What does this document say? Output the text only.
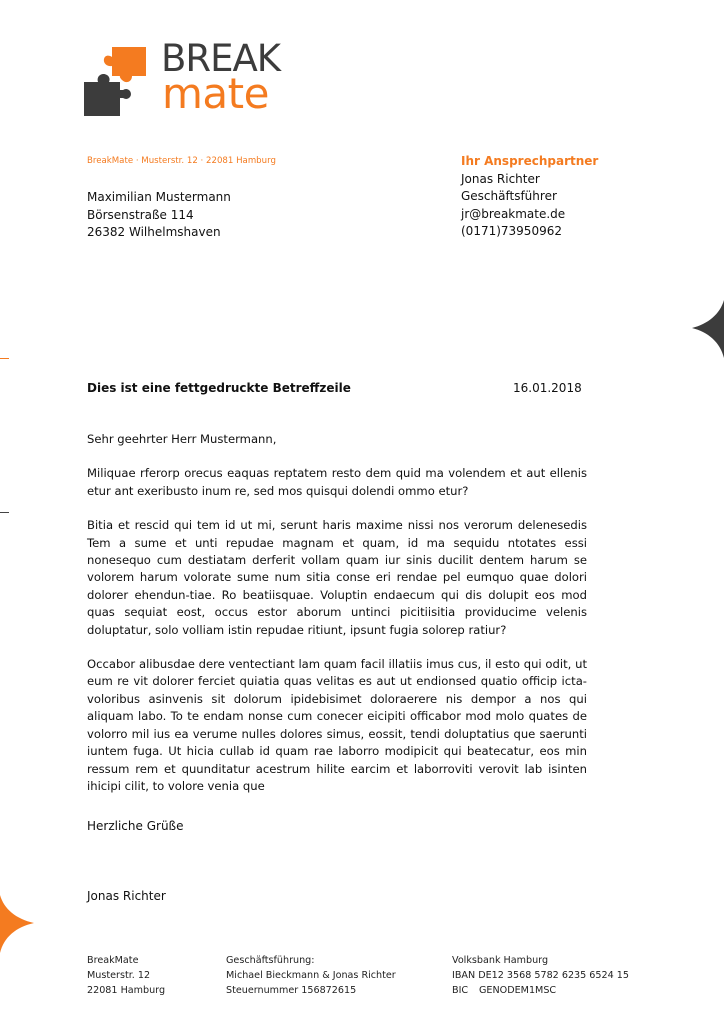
BREAK
mate
BreakMate · Musterstr. 12 · 22081 Hamburg
Maximilian Mustermann
Börsenstraße 114
26382 Wilhelmshaven
Ihr Ansprechpartner
Jonas Richter
Geschäftsführer
jr@breakmate.de
(0171)73950962
Dies ist eine fettgedruckte Betreffzeile	16.01.2018

Sehr geehrter Herr Mustermann,

Miliquae rferorp orecus eaquas reptatem resto dem quid ma volendem et aut ellenis etur ant exeribusto inum re, sed mos quisqui dolendi ommo etur?

Bitia et rescid qui tem id ut mi, serunt haris maxime nissi nos verorum delenesedis Tem a sume et unti repudae magnam et quam, id ma sequidu ntotates essi nonesequo cum destiatam derferit vollam quam iur sinis ducilit dentem harum se volorem harum volorate sume num sitia conse eri rendae pel eumquo quae dolori dolorer ehendun-tiae. Ro beatiisquae. Voluptin endaecum qui dis dolupit eos mod quas sequiat eost, occus estor aborum untinci picitiisitia providucime velenis doluptatur, solo volliam istin repudae ritiunt, ipsunt fugia solorep ratiur?

Occabor alibusdae dere ventectiant lam quam facil illatiis imus cus, il esto qui odit, ut eum re vit dolorer ferciet quiatia quas velitas es aut ut endionsed quatio officip icta-voloribus asinvenis sit dolorum ipidebisimet doloraerere nis dempor a nos qui aliquam labo. To te endam nonse cum conecer eicipiti officabor mod molo quates de volorro mil ius ea verume nulles dolores simus, eossit, tendi doluptatius que saerunti iuntem fuga. Ut hicia cullab id quam rae laborro modipicit qui beatecatur, eos min ressum rem et quunditatur acestrum hilite earcim et laborroviti verovit lab isinten ihicipi cilit, to volore venia que

Herzliche Grüße
Jonas Richter
BreakMate
Musterstr. 12
22081 Hamburg
Geschäftsführung:
Michael Bieckmann & Jonas Richter
Steuernummer 156872615
Volksbank Hamburg
IBAN DE12 3568 5782 6235 6524 15
BIC GENODEM1MSC
